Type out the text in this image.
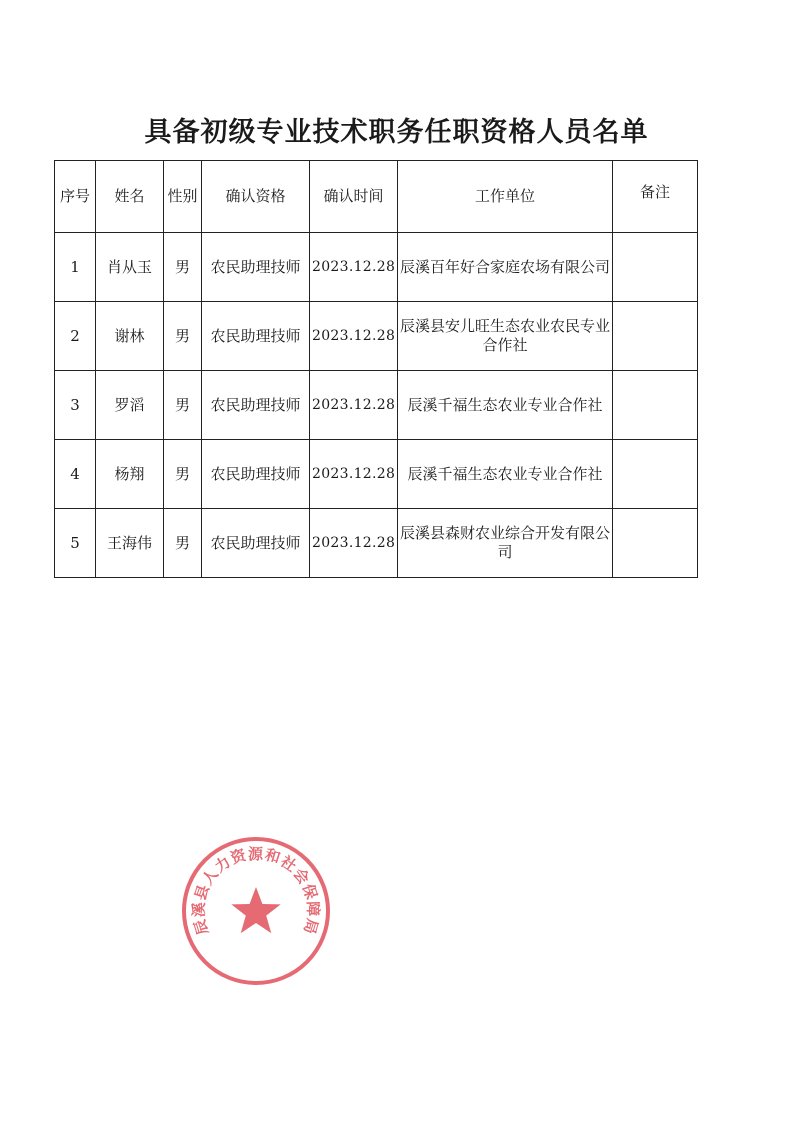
具备初级专业技术职务任职资格人员名单
序号	姓名	性别	确认资格	确认时间	工作单位	备注
1	肖从玉	男	农民助理技师	2023.12.28	辰溪百年好合家庭农场有限公司	
2	谢林	男	农民助理技师	2023.12.28	辰溪县安儿旺生态农业农民专业合作社	
3	罗滔	男	农民助理技师	2023.12.28	辰溪千福生态农业专业合作社	
4	杨翔	男	农民助理技师	2023.12.28	辰溪千福生态农业专业合作社	
5	王海伟	男	农民助理技师	2023.12.28	辰溪县森财农业综合开发有限公司	
辰溪县人力资源和社会保障局
